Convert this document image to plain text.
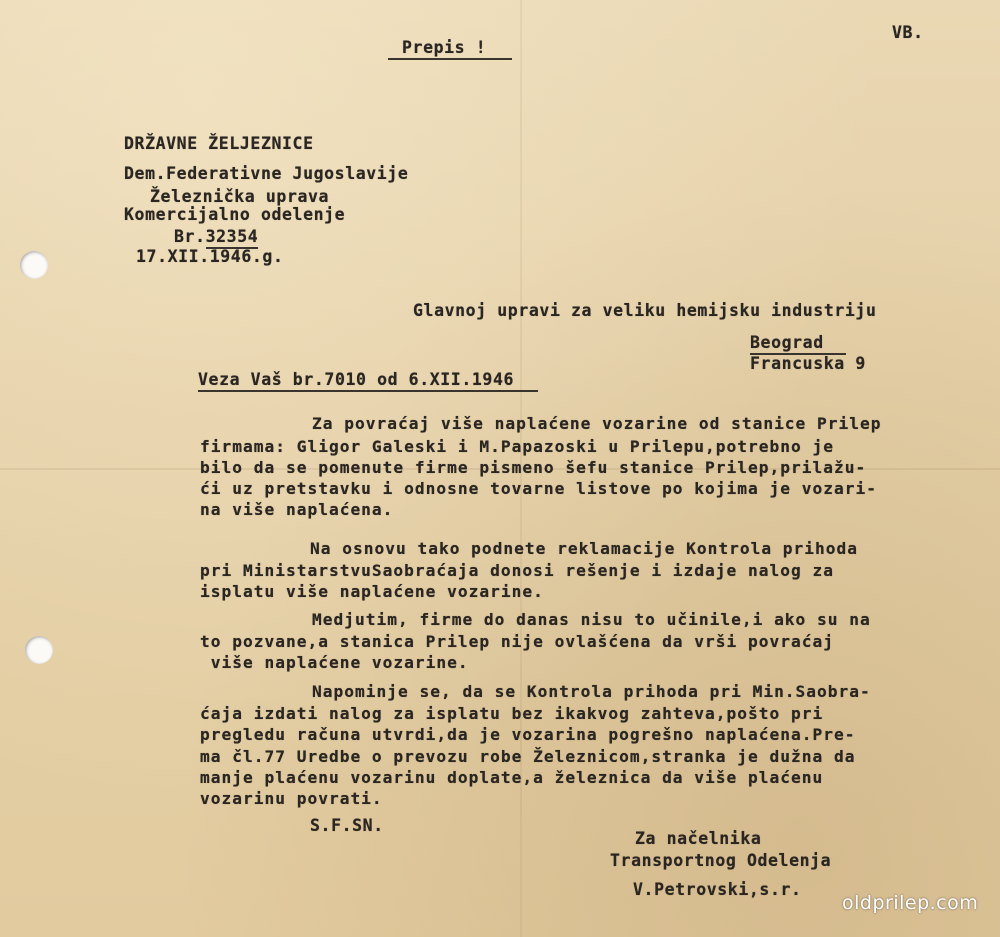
Prepis !
VB.
DRŽAVNE ŽELJEZNICE
Dem.Federativne Jugoslavije
Železnička uprava
Komercijalno odelenje
Br.32354
17.XII.1946.g.
Glavnoj upravi za veliku hemijsku industriju
Beograd
Francuska 9
Veza Vaš br.7010 od 6.XII.1946
Za povraćaj više naplaćene vozarine od stanice Prilep
firmama: Gligor Galeski i M.Papazoski u Prilepu,potrebno je
bilo da se pomenute firme pismeno šefu stanice Prilep,prilažu-
ći uz pretstavku i odnosne tovarne listove po kojima je vozari-
na više naplaćena.
Na osnovu tako podnete reklamacije Kontrola prihoda
pri MinistarstvuSaobraćaja donosi rešenje i izdaje nalog za
isplatu više naplaćene vozarine.
Medjutim, firme do danas nisu to učinile,i ako su na
to pozvane,a stanica Prilep nije ovlašćena da vrši povraćaj
više naplaćene vozarine.
Napominje se, da se Kontrola prihoda pri Min.Saobra-
ćaja izdati nalog za isplatu bez ikakvog zahteva,pošto pri
pregledu računa utvrdi,da je vozarina pogrešno naplaćena.Pre-
ma čl.77 Uredbe o prevozu robe Železnicom,stranka je dužna da
manje plaćenu vozarinu doplate,a železnica da više plaćenu
vozarinu povrati.
S.F.SN.
Za načelnika
Transportnog Odelenja
V.Petrovski,s.r.
oldprilep.com
